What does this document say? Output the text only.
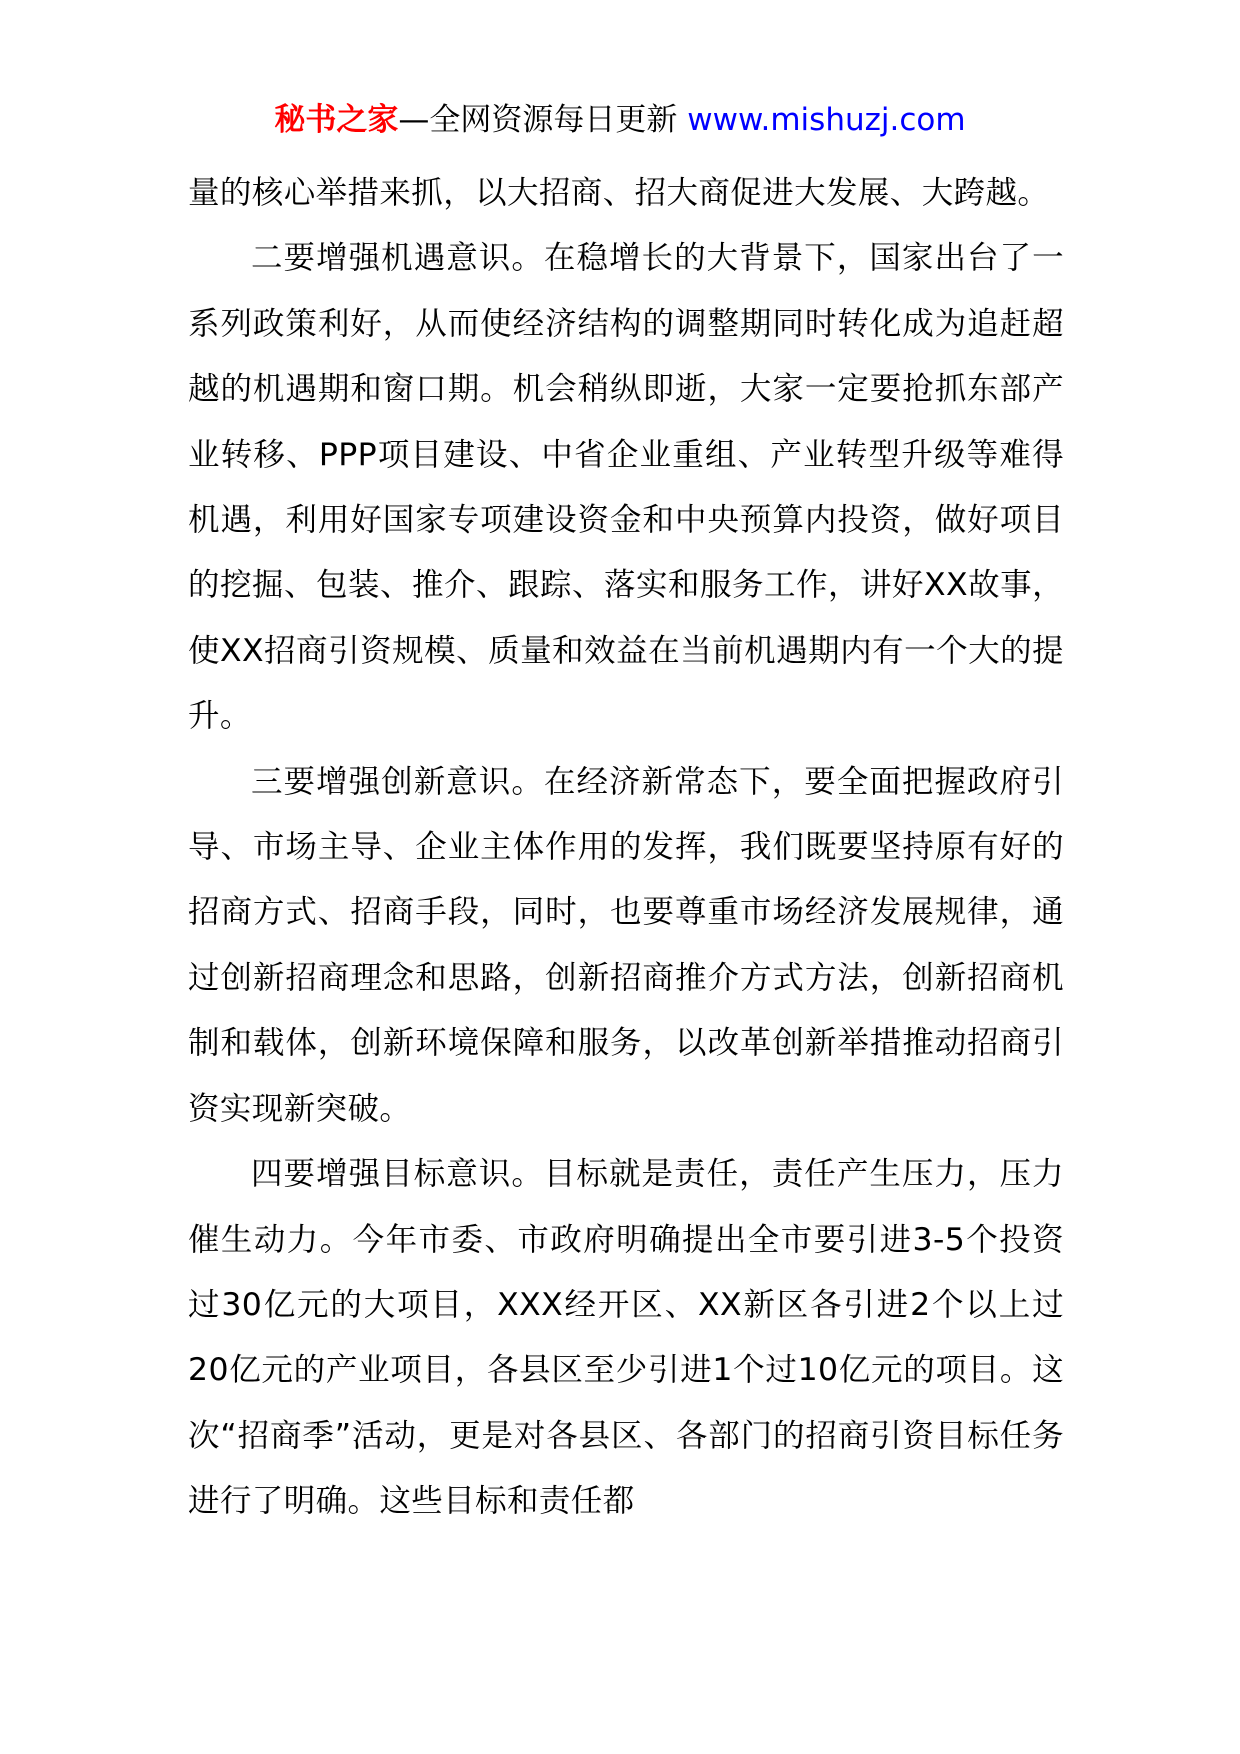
秘书之家—全网资源每日更新 www.mishuzj.com

量的核心举措来抓，以大招商、招大商促进大发展、大跨越。

二要增强机遇意识。在稳增长的大背景下，国家出台了一系列政策利好，从而使经济结构的调整期同时转化成为追赶超越的机遇期和窗口期。机会稍纵即逝，大家一定要抢抓东部产业转移、PPP项目建设、中省企业重组、产业转型升级等难得机遇，利用好国家专项建设资金和中央预算内投资，做好项目的挖掘、包装、推介、跟踪、落实和服务工作，讲好XX故事，使XX招商引资规模、质量和效益在当前机遇期内有一个大的提升。

三要增强创新意识。在经济新常态下，要全面把握政府引导、市场主导、企业主体作用的发挥，我们既要坚持原有好的招商方式、招商手段，同时，也要尊重市场经济发展规律，通过创新招商理念和思路，创新招商推介方式方法，创新招商机制和载体，创新环境保障和服务，以改革创新举措推动招商引资实现新突破。

四要增强目标意识。目标就是责任，责任产生压力，压力催生动力。今年市委、市政府明确提出全市要引进3-5个投资过30亿元的大项目，XXX经开区、XX新区各引进2个以上过20亿元的产业项目，各县区至少引进1个过10亿元的项目。这次“招商季”活动，更是对各县区、各部门的招商引资目标任务进行了明确。这些目标和责任都
